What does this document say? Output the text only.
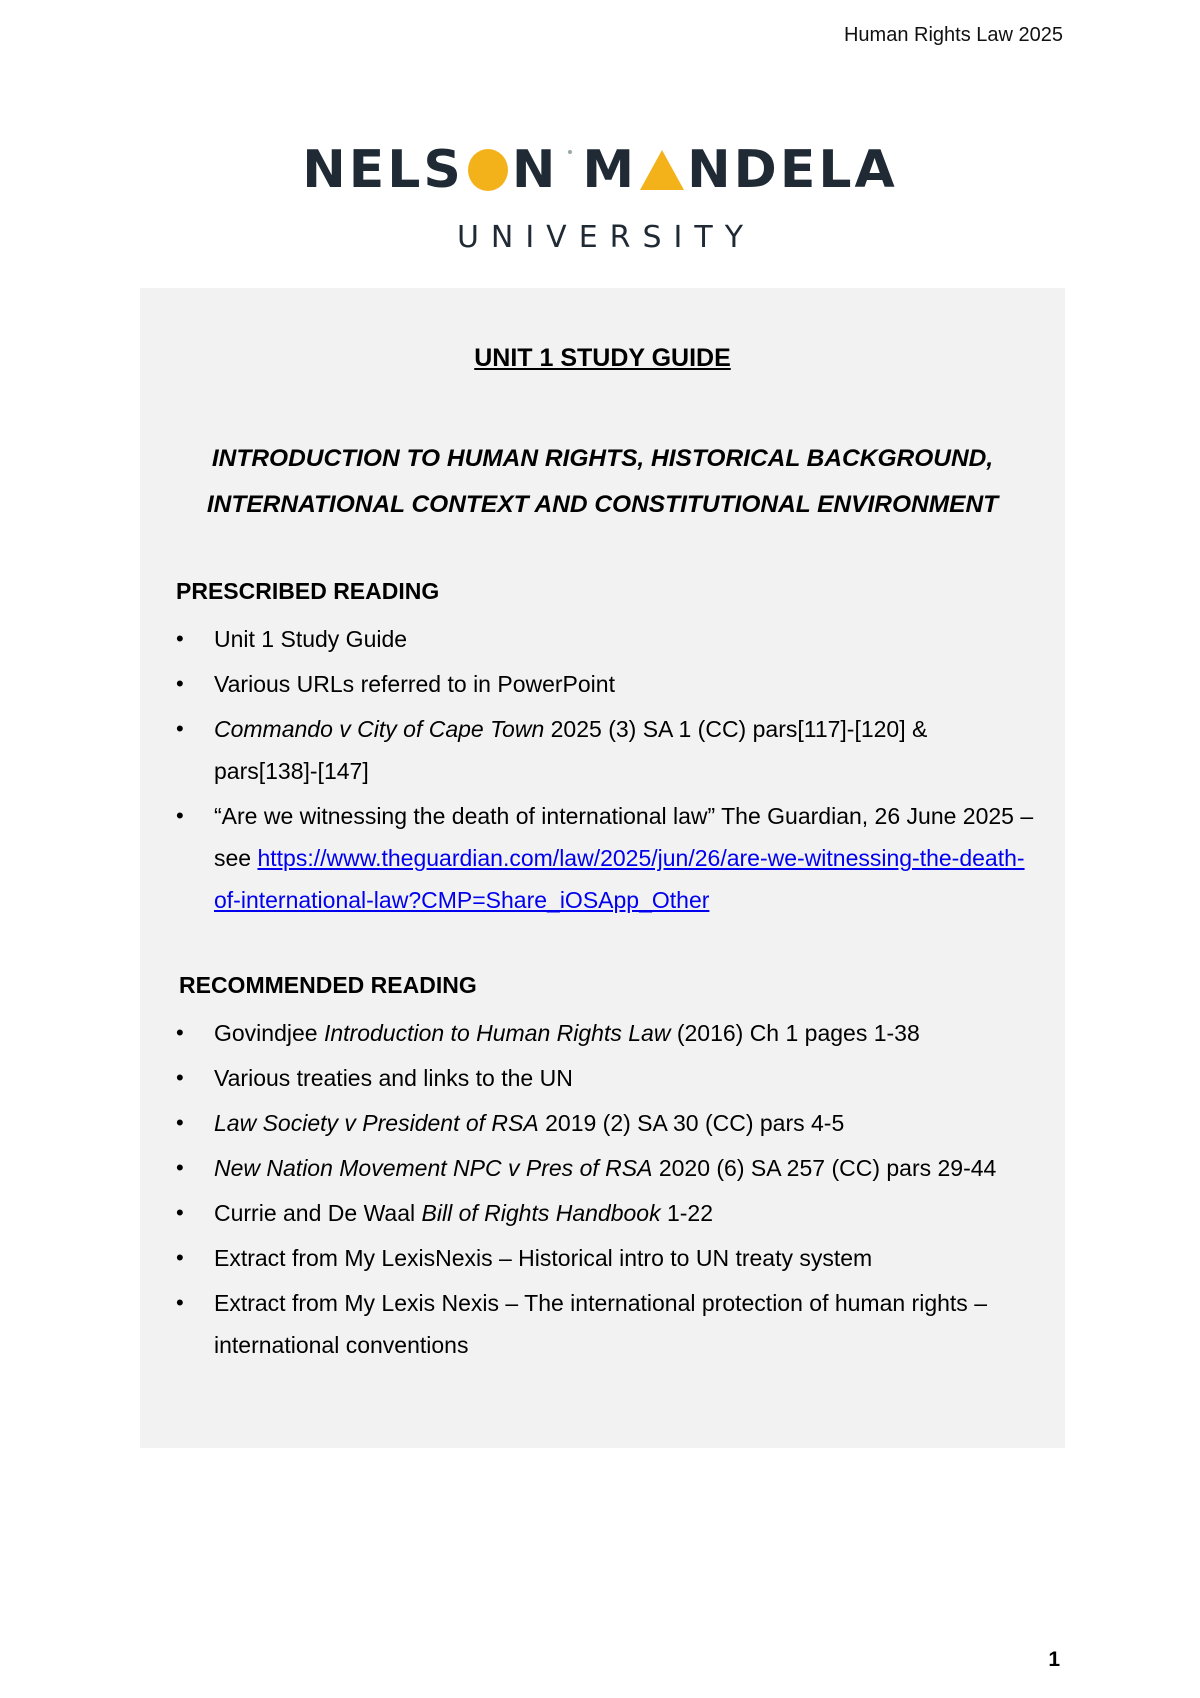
Human Rights Law 2025
NELS N M NDELA
UNIVERSITY
UNIT 1 STUDY GUIDE
INTRODUCTION TO HUMAN RIGHTS, HISTORICAL BACKGROUND,
INTERNATIONAL CONTEXT AND CONSTITUTIONAL ENVIRONMENT
PRESCRIBED READING
• Unit 1 Study Guide
• Various URLs referred to in PowerPoint
• Commando v City of Cape Town 2025 (3) SA 1 (CC) pars[117]-[120] & pars[138]-[147]
• “Are we witnessing the death of international law” The Guardian, 26 June 2025 – see https://www.theguardian.com/law/2025/jun/26/are-we-witnessing-the-death-of-international-law?CMP=Share_iOSApp_Other
RECOMMENDED READING
• Govindjee Introduction to Human Rights Law (2016) Ch 1 pages 1-38
• Various treaties and links to the UN
• Law Society v President of RSA 2019 (2) SA 30 (CC) pars 4-5
• New Nation Movement NPC v Pres of RSA 2020 (6) SA 257 (CC) pars 29-44
• Currie and De Waal Bill of Rights Handbook 1-22
• Extract from My LexisNexis – Historical intro to UN treaty system
• Extract from My Lexis Nexis – The international protection of human rights – international conventions
1
